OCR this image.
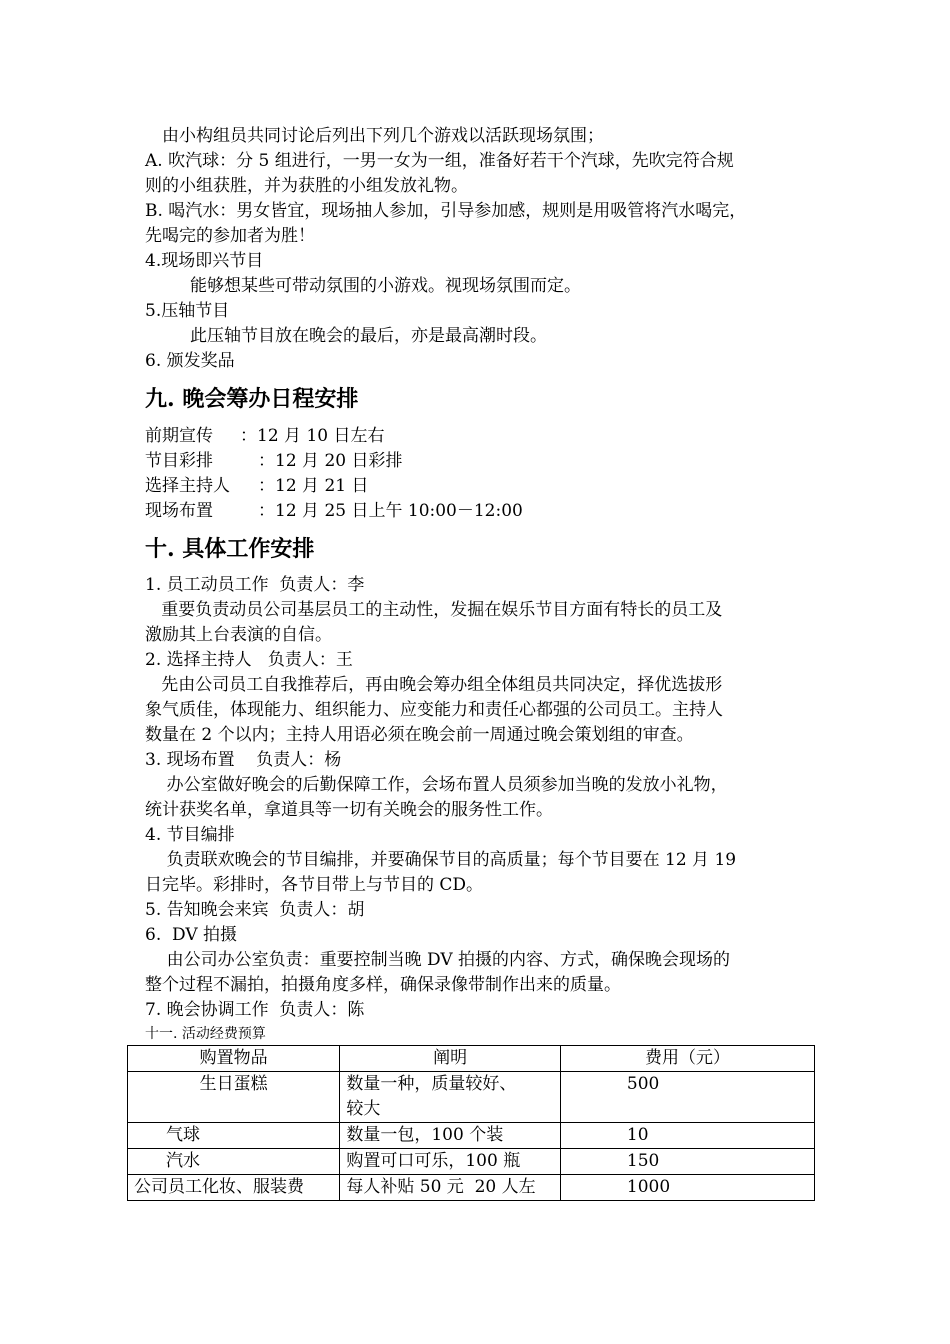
由小构组员共同讨论后列出下列几个游戏以活跃现场氛围；
A. 吹汽球：分 5 组进行，一男一女为一组，准备好若干个汽球，先吹完符合规
则的小组获胜，并为获胜的小组发放礼物。
B. 喝汽水：男女皆宜，现场抽人参加，引导参加感，规则是用吸管将汽水喝完，
先喝完的参加者为胜！
4.现场即兴节目
能够想某些可带动氛围的小游戏。视现场氛围而定。
5.压轴节目
此压轴节目放在晚会的最后，亦是最高潮时段。
6. 颁发奖品
九. 晚会筹办日程安排
前期宣传 ：12 月 10 日左右
节目彩排	：12 月 20 日彩排
选择主持人 ：12 月 21 日
现场布置	：12 月 25 日上午 10:00－12:00
十. 具体工作安排
1. 员工动员工作  负责人：李
重要负责动员公司基层员工的主动性，发掘在娱乐节目方面有特长的员工及
激励其上台表演的自信。
2. 选择主持人   负责人：王
先由公司员工自我推荐后，再由晚会筹办组全体组员共同决定，择优选拔形
象气质佳，体现能力、组织能力、应变能力和责任心都强的公司员工。主持人
数量在 2 个以内；主持人用语必须在晚会前一周通过晚会策划组的审查。
3. 现场布置    负责人：杨
办公室做好晚会的后勤保障工作，会场布置人员须参加当晚的发放小礼物，
统计获奖名单，拿道具等一切有关晚会的服务性工作。
4. 节目编排
负责联欢晚会的节目编排，并要确保节目的高质量；每个节目要在 12 月 19
日完毕。彩排时，各节目带上与节目的 CD。
5. 告知晚会来宾  负责人：胡
6.  DV 拍摄
由公司办公室负责：重要控制当晚 DV 拍摄的内容、方式，确保晚会现场的
整个过程不漏拍，拍摄角度多样，确保录像带制作出来的质量。
7. 晚会协调工作  负责人：陈
十一. 活动经费预算
购置物品	阐明	费用（元）
生日蛋糕	数量一种，质量较好、
较大	500
气球	数量一包，100 个装	10
汽水	购置可口可乐，100 瓶	150
公司员工化妆、服装费	每人补贴 50 元  20 人左	1000
